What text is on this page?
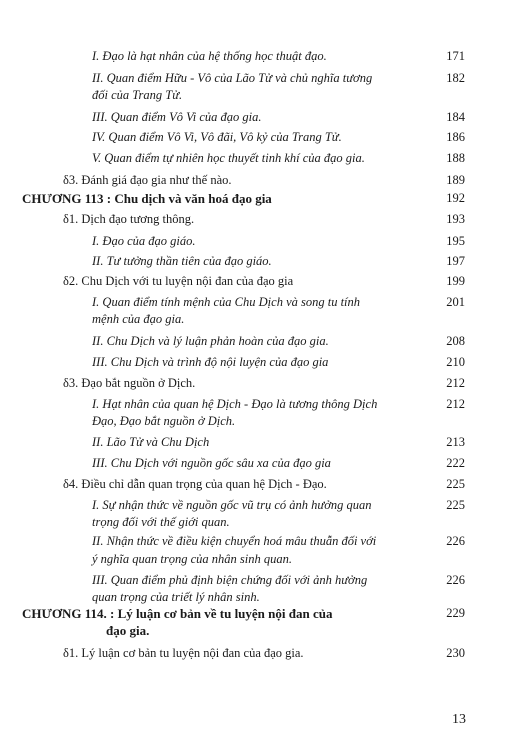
I. Đạo là hạt nhân của hệ thống học thuật đạo.	171
II. Quan điểm Hữu - Vô của Lão Tử và chủ nghĩa tương	182
đối của Trang Tử.
III. Quan điểm Vô Vi của đạo gia.	184
IV. Quan điểm Vô Vi, Vô đãi, Vô kỷ của Trang Tử.	186
V. Quan điểm tự nhiên học thuyết tinh khí của đạo gia.	188
δ3. Đánh giá đạo gia như thế nào.	189
CHƯƠNG 113 : Chu dịch và văn hoá đạo gia	192
δ1. Dịch đạo tương thông.	193
I. Đạo của đạo giáo.	195
II. Tư tưởng thần tiên của đạo giáo.	197
δ2. Chu Dịch với tu luyện nội đan của đạo gia	199
I. Quan điểm tính mệnh của Chu Dịch và song tu tính	201
mệnh của đạo gia.
II. Chu Dịch và lý luận phản hoàn của đạo gia.	208
III. Chu Dịch và trình độ nội luyện của đạo gia	210
δ3. Đạo bắt nguồn ở Dịch.	212
I. Hạt nhân của quan hệ Dịch - Đạo là tương thông Dịch	212
Đạo, Đạo bắt nguồn ở Dịch.
II. Lão Tử và Chu Dịch	213
III. Chu Dịch với nguồn gốc sâu xa của đạo gia	222
δ4. Điều chỉ dẫn quan trọng của quan hệ Dịch - Đạo.	225
I. Sự nhận thức về nguồn gốc vũ trụ có ảnh hưởng quan	225
trọng đối với thế giới quan.
II. Nhận thức về điều kiện chuyển hoá mâu thuẫn đối với	226
ý nghĩa quan trọng của nhân sinh quan.
III. Quan điểm phủ định biện chứng đối với ảnh hưởng	226
quan trọng của triết lý nhân sinh.
CHƯƠNG 114. : Lý luận cơ bản về tu luyện nội đan của	229
đạo gia.
δ1. Lý luận cơ bản tu luyện nội đan của đạo gia.	230
13
